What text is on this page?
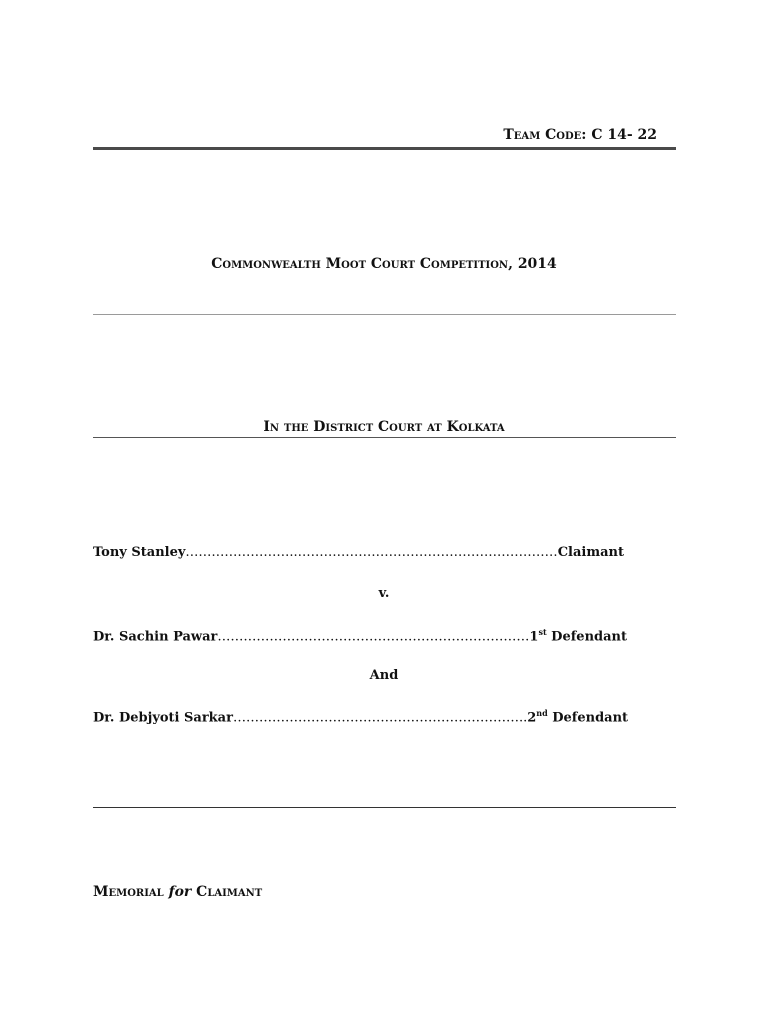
Team Code: C 14- 22
Commonwealth Moot Court Competition, 2014
In the District Court at Kolkata
Tony Stanley……………………..……………………………………………………Claimant
v.
Dr. Sachin Pawar………………………………………………………………1st Defendant
And
Dr. Debjyoti Sarkar…………………………………………………………..2nd Defendant
Memorial for Claimant
